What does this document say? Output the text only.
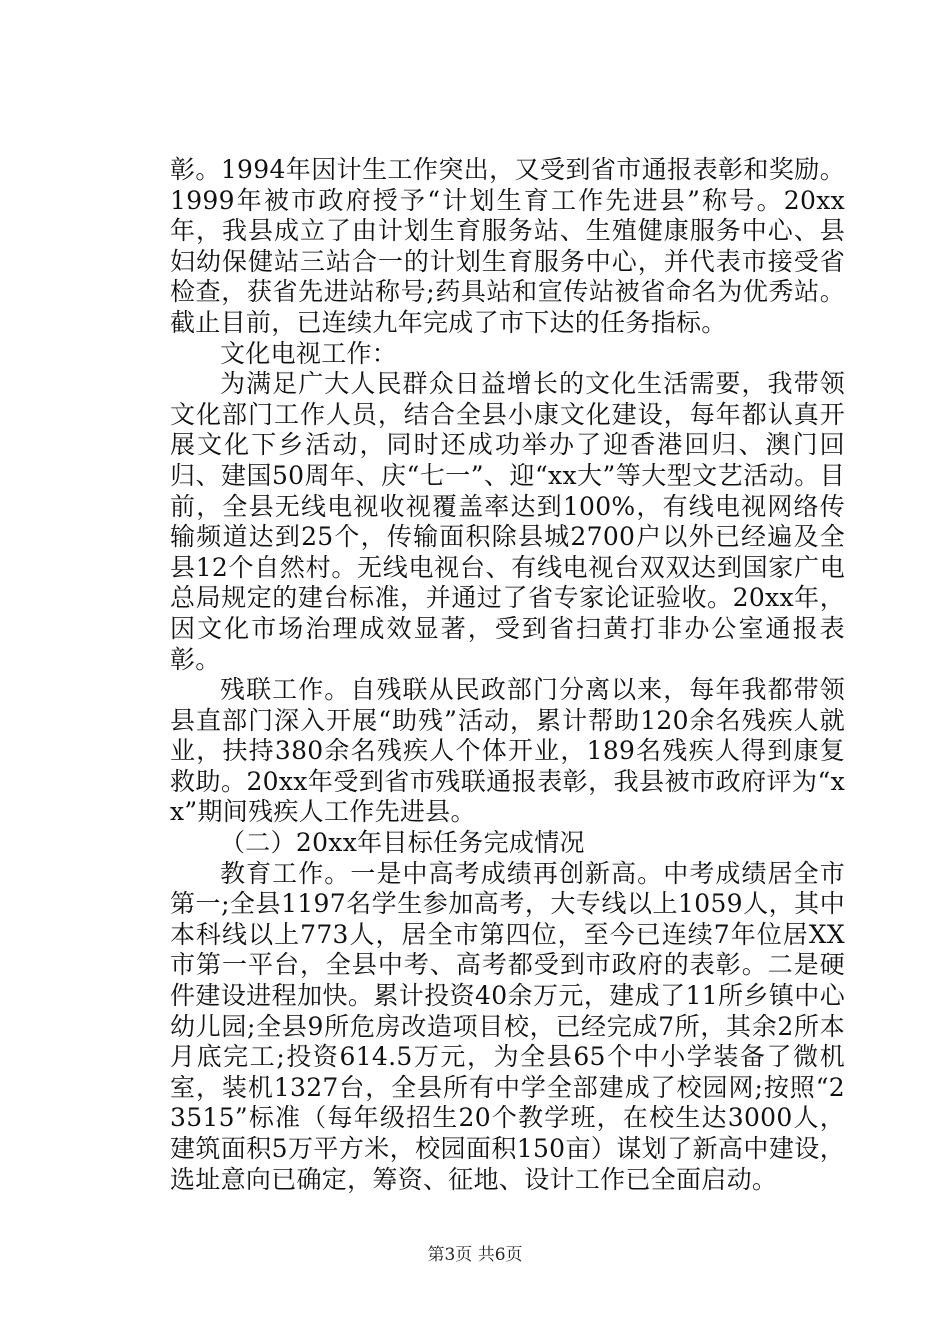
彰。1994年因计生工作突出，又受到省市通报表彰和奖励。1999年被市政府授予“计划生育工作先进县”称号。20xx年，我县成立了由计划生育服务站、生殖健康服务中心、县妇幼保健站三站合一的计划生育服务中心，并代表市接受省检查，获省先进站称号;药具站和宣传站被省命名为优秀站。截止目前，已连续九年完成了市下达的任务指标。

文化电视工作：

为满足广大人民群众日益增长的文化生活需要，我带领文化部门工作人员，结合全县小康文化建设，每年都认真开展文化下乡活动，同时还成功举办了迎香港回归、澳门回归、建国50周年、庆“七一”、迎“xx大”等大型文艺活动。目前，全县无线电视收视覆盖率达到100%，有线电视网络传输频道达到25个，传输面积除县城2700户以外已经遍及全县12个自然村。无线电视台、有线电视台双双达到国家广电总局规定的建台标准，并通过了省专家论证验收。20xx年，因文化市场治理成效显著，受到省扫黄打非办公室通报表彰。

残联工作。自残联从民政部门分离以来，每年我都带领县直部门深入开展“助残”活动，累计帮助120余名残疾人就业，扶持380余名残疾人个体开业，189名残疾人得到康复救助。20xx年受到省市残联通报表彰，我县被市政府评为“xx”期间残疾人工作先进县。

（二）20xx年目标任务完成情况

教育工作。一是中高考成绩再创新高。中考成绩居全市第一;全县1197名学生参加高考，大专线以上1059人，其中本科线以上773人，居全市第四位，至今已连续7年位居XX市第一平台，全县中考、高考都受到市政府的表彰。二是硬件建设进程加快。累计投资40余万元，建成了11所乡镇中心幼儿园;全县9所危房改造项目校，已经完成7所，其余2所本月底完工;投资614.5万元，为全县65个中小学装备了微机室，装机1327台，全县所有中学全部建成了校园网;按照“23515”标准（每年级招生20个教学班，在校生达3000人，建筑面积5万平方米，校园面积150亩）谋划了新高中建设，选址意向已确定，筹资、征地、设计工作已全面启动。

第3页 共6页
